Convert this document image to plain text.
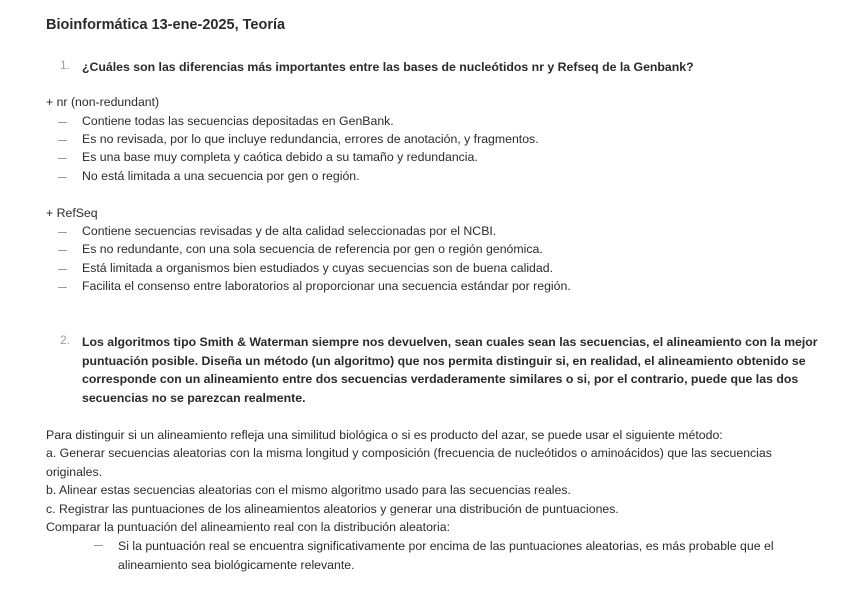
Bioinformática 13-ene-2025, Teoría
1. ¿Cuáles son las diferencias más importantes entre las bases de nucleótidos nr y Refseq de la Genbank?
+ nr (non-redundant)
Contiene todas las secuencias depositadas en GenBank.
Es no revisada, por lo que incluye redundancia, errores de anotación, y fragmentos.
Es una base muy completa y caótica debido a su tamaño y redundancia.
No está limitada a una secuencia por gen o región.
+ RefSeq
Contiene secuencias revisadas y de alta calidad seleccionadas por el NCBI.
Es no redundante, con una sola secuencia de referencia por gen o región genómica.
Está limitada a organismos bien estudiados y cuyas secuencias son de buena calidad.
Facilita el consenso entre laboratorios al proporcionar una secuencia estándar por región.
2. Los algoritmos tipo Smith & Waterman siempre nos devuelven, sean cuales sean las secuencias, el alineamiento con la mejor puntuación posible. Diseña un método (un algoritmo) que nos permita distinguir si, en realidad, el alineamiento obtenido se corresponde con un alineamiento entre dos secuencias verdaderamente similares o si, por el contrario, puede que las dos secuencias no se parezcan realmente.
Para distinguir si un alineamiento refleja una similitud biológica o si es producto del azar, se puede usar el siguiente método:
a. Generar secuencias aleatorias con la misma longitud y composición (frecuencia de nucleótidos o aminoácidos) que las secuencias originales.
b. Alinear estas secuencias aleatorias con el mismo algoritmo usado para las secuencias reales.
c. Registrar las puntuaciones de los alineamientos aleatorios y generar una distribución de puntuaciones.
Comparar la puntuación del alineamiento real con la distribución aleatoria:
Si la puntuación real se encuentra significativamente por encima de las puntuaciones aleatorias, es más probable que el alineamiento sea biológicamente relevante.
